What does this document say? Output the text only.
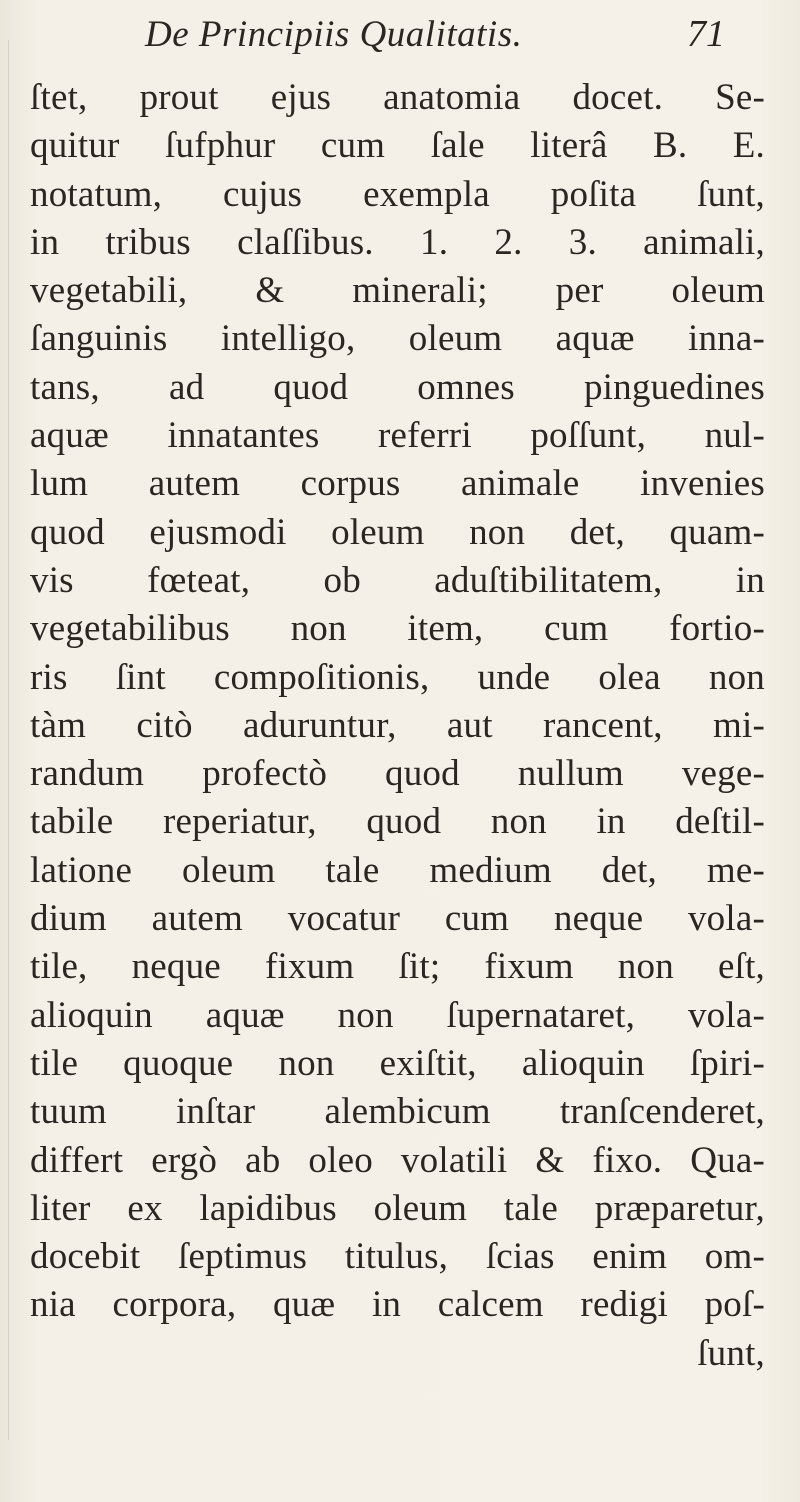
De Principiis Qualitatis.	71
ſtet, prout ejus anatomia docet. Se-
quitur ſufphur cum ſale literâ B. E.
notatum, cujus exempla poſita ſunt,
in tribus claſſibus. 1. 2. 3. animali,
vegetabili, & minerali; per oleum
ſanguinis intelligo, oleum aquæ inna-
tans, ad quod omnes pinguedines
aquæ innatantes referri poſſunt, nul-
lum autem corpus animale invenies
quod ejusmodi oleum non det, quam-
vis fœteat, ob aduſtibilitatem, in
vegetabilibus non item, cum fortio-
ris ſint compoſitionis, unde olea non
tàm citò aduruntur, aut rancent, mi-
randum profectò quod nullum vege-
tabile reperiatur, quod non in deſtil-
latione oleum tale medium det, me-
dium autem vocatur cum neque vola-
tile, neque fixum ſit; fixum non eſt,
alioquin aquæ non ſupernataret, vola-
tile quoque non exiſtit, alioquin ſpiri-
tuum inſtar alembicum tranſcenderet,
differt ergò ab oleo volatili & fixo. Qua-
liter ex lapidibus oleum tale præparetur,
docebit ſeptimus titulus, ſcias enim om-
nia corpora, quæ in calcem redigi poſ-
ſunt,
